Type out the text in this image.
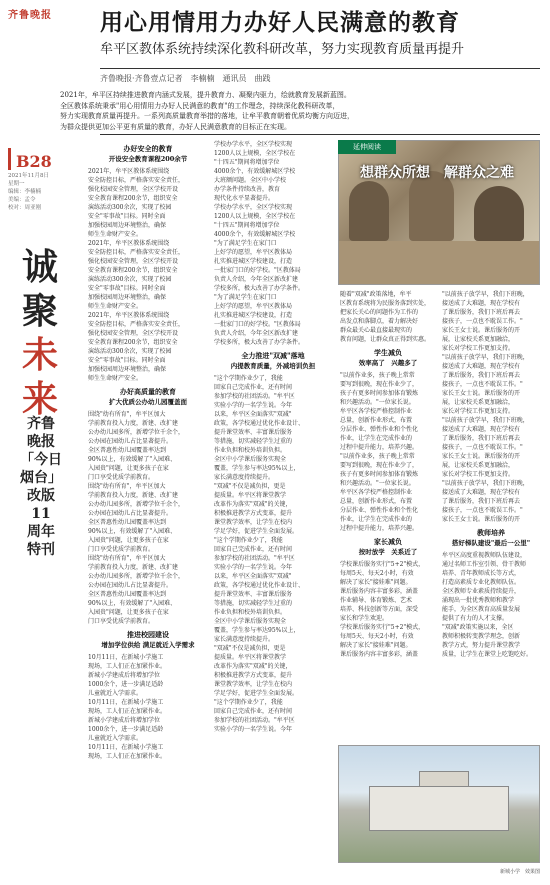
齐鲁晚报 用心用情用力办好人民满意的教育
牟平区教体系统持续深化教科研改革，努力实现教育质量再提升
齐鲁晚报·齐鲁壹点记者　李楠楠　通讯员　曲践
2021年，牟平区持续推进教育内涵式发展，提升教育力、凝聚内驱力，绘就教育发展新蓝图。
全区教体系统秉承"用心用情用力办好人民满意的教育"的工作理念，持续深化教科研改革，
努力实现教育质量再提升。一系列高质量教育举措的落地，让牟平教育朝着优质均衡方向迈进，
为群众提供更加公平更有质量的教育，办好人民满意教育的目标正在实现。
B28
2021年11月8日
星期一
编辑：李楠楠
美编：孟令
校对：周亚刚
诚
聚
未
来
齐鲁
晚报
「今日
烟台」
改版
11
周年
特刊
办好安全的教育
开设安全教育课程200余节
2021年，牟平区教体系统围绕
安全防控目标，严格落实安全责任，
强化校园安全管理，全区学校开设
安全教育课程200余节，组织安全
演练活动300余次，实现了校园
安全"零事故"目标。同时全面
加强校园周边环境整治，确保
师生生命财产安全。
2021年，牟平区教体系统围绕
安全防控目标，严格落实安全责任，
强化校园安全管理，全区学校开设
安全教育课程200余节，组织安全
演练活动300余次，实现了校园
安全"零事故"目标。同时全面
加强校园周边环境整治，确保
师生生命财产安全。
2021年，牟平区教体系统围绕
安全防控目标，严格落实安全责任，
强化校园安全管理，全区学校开设
安全教育课程200余节，组织安全
演练活动300余次，实现了校园
安全"零事故"目标。同时全面
加强校园周边环境整治，确保
师生生命财产安全。
办好高质量的教育
扩大优质公办幼儿园覆盖面
围绕"幼有所育"，牟平区加大
学前教育投入力度，新建、改扩建
公办幼儿园多所，新增学位千余个，
公办园在园幼儿占比显著提升。
全区普惠性幼儿园覆盖率达到
90%以上，有效缓解了"入园难、
入园贵"问题，让更多孩子在家
门口享受优质学前教育。
围绕"幼有所育"，牟平区加大
学前教育投入力度，新建、改扩建
公办幼儿园多所，新增学位千余个，
公办园在园幼儿占比显著提升。
全区普惠性幼儿园覆盖率达到
90%以上，有效缓解了"入园难、
入园贵"问题，让更多孩子在家
门口享受优质学前教育。
围绕"幼有所育"，牟平区加大
学前教育投入力度，新建、改扩建
公办幼儿园多所，新增学位千余个，
公办园在园幼儿占比显著提升。
全区普惠性幼儿园覆盖率达到
90%以上，有效缓解了"入园难、
入园贵"问题，让更多孩子在家
门口享受优质学前教育。
推进校园建设
增加学位供给 满足就近入学需求
10月11日，在新城小学施工
现场，工人们正在加紧作业。
新城小学建成后将增加学位
1000余个，进一步满足适龄
儿童就近入学需求。
10月11日，在新城小学施工
现场，工人们正在加紧作业。
新城小学建成后将增加学位
1000余个，进一步满足适龄
儿童就近入学需求。
10月11日，在新城小学施工
现场，工人们正在加紧作业。
学校办学水平，全区学校实现
1200人以上规模，全区学校在
"十四五"期间将增加学位
4000余个，有效缓解城区学校
大班额问题。全区中小学校
办学条件持续改善，教育
现代化水平显著提升。
学校办学水平，全区学校实现
1200人以上规模，全区学校在
"十四五"期间将增加学位
4000余个，有效缓解城区学校
"为了满足学生在家门口
上好学的愿望，牟平区教体局
扎实推进城区学校建设，打造
一批家门口的好学校。"区教体局
负责人介绍，今年全区新改扩建
学校多所，极大改善了办学条件。
"为了满足学生在家门口
上好学的愿望，牟平区教体局
扎实推进城区学校建设，打造
一批家门口的好学校。"区教体局
负责人介绍，今年全区新改扩建
学校多所，极大改善了办学条件。
全力推进"双减"落地
内提教育质量，外减培训负担
"这个学期作业少了，我能
回家自己完成作业，还有时间
参加学校的社团活动。"牟平区
实验小学的一名学生说。今年
以来，牟平区全面落实"双减"
政策，各学校通过优化作业设计、
提升课堂效率、丰富课后服务
等措施，切实减轻学生过重的
作业负担和校外培训负担。
全区中小学课后服务实现全
覆盖，学生参与率达95%以上，
家长满意度持续提升。
"双减"不仅是减负担，更是
提质量。牟平区将课堂教学
改革作为落实"双减"的关键，
积极推进教学方式变革，提升
课堂教学效率，让学生在校内
学足学好，促进学生全面发展。
"这个学期作业少了，我能
回家自己完成作业，还有时间
参加学校的社团活动。"牟平区
实验小学的一名学生说。今年
以来，牟平区全面落实"双减"
政策，各学校通过优化作业设计、
提升课堂效率、丰富课后服务
等措施，切实减轻学生过重的
作业负担和校外培训负担。
全区中小学课后服务实现全
覆盖，学生参与率达95%以上，
家长满意度持续提升。
"双减"不仅是减负担，更是
提质量。牟平区将课堂教学
改革作为落实"双减"的关键，
积极推进教学方式变革，提升
课堂教学效率，让学生在校内
学足学好，促进学生全面发展。
"这个学期作业少了，我能
回家自己完成作业，还有时间
参加学校的社团活动。"牟平区
实验小学的一名学生说。今年
延伸阅读
想群众所想　解群众之难
随着"双减"政策落地，牟平
区教育系统将为民服务落到实处，
把家长关心的问题作为工作的
出发点和落脚点，着力解决好
群众最关心最直接最现实的
教育问题，让群众真正得到实惠。
学生减负
效率高了　兴趣多了
"以前作业多，孩子晚上常常
要写到很晚，现在作业少了，
孩子有更多时间参加体育锻炼
和兴趣活动。"一位家长说。
牟平区各学校严格控制作业
总量，创新作业形式，布置
分层作业、弹性作业和个性化
作业，让学生在完成作业的
过程中提升能力，培养兴趣。
"以前作业多，孩子晚上常常
要写到很晚，现在作业少了，
孩子有更多时间参加体育锻炼
和兴趣活动。"一位家长说。
牟平区各学校严格控制作业
总量，创新作业形式，布置
分层作业、弹性作业和个性化
作业，让学生在完成作业的
过程中提升能力，培养兴趣。
家长减负
按时放学　关系近了
学校课后服务实行"5+2"模式，
每周5天、每天2小时，有效
解决了家长"接娃难"问题。
课后服务内容丰富多彩，涵盖
作业辅导、体育锻炼、艺术
培养、科技创新等方面，深受
家长和学生欢迎。
学校课后服务实行"5+2"模式，
每周5天、每天2小时，有效
解决了家长"接娃难"问题。
课后服务内容丰富多彩，涵盖
"以前孩子放学早，我们下班晚，
接送成了大难题，现在学校有
了课后服务，我们下班后再去
接孩子，一点也不耽误工作。"
家长王女士说。课后服务的开
展，让家校关系更加融洽，
家长对学校工作更加支持。
"以前孩子放学早，我们下班晚，
接送成了大难题，现在学校有
了课后服务，我们下班后再去
接孩子，一点也不耽误工作。"
家长王女士说。课后服务的开
展，让家校关系更加融洽，
家长对学校工作更加支持。
"以前孩子放学早，我们下班晚，
接送成了大难题，现在学校有
了课后服务，我们下班后再去
接孩子，一点也不耽误工作。"
家长王女士说。课后服务的开
展，让家校关系更加融洽，
家长对学校工作更加支持。
"以前孩子放学早，我们下班晚，
接送成了大难题，现在学校有
了课后服务，我们下班后再去
接孩子，一点也不耽误工作。"
家长王女士说。课后服务的开
教师培养
搭好梯队建设"最后一公里"
牟平区高度重视教师队伍建设，
通过名师工作室引领、骨干教师
培养、青年教师成长等方式，
打造高素质专业化教师队伍。
全区教师专业素质持续提升，
涌现出一批优秀教师和教学
能手，为全区教育高质量发展
提供了有力的人才支撑。
"双减"政策实施以来，全区
教师积极转变教学理念，创新
教学方式，努力提升课堂教学
质量，让学生在课堂上吃饱吃好。
新城小学　效果图
